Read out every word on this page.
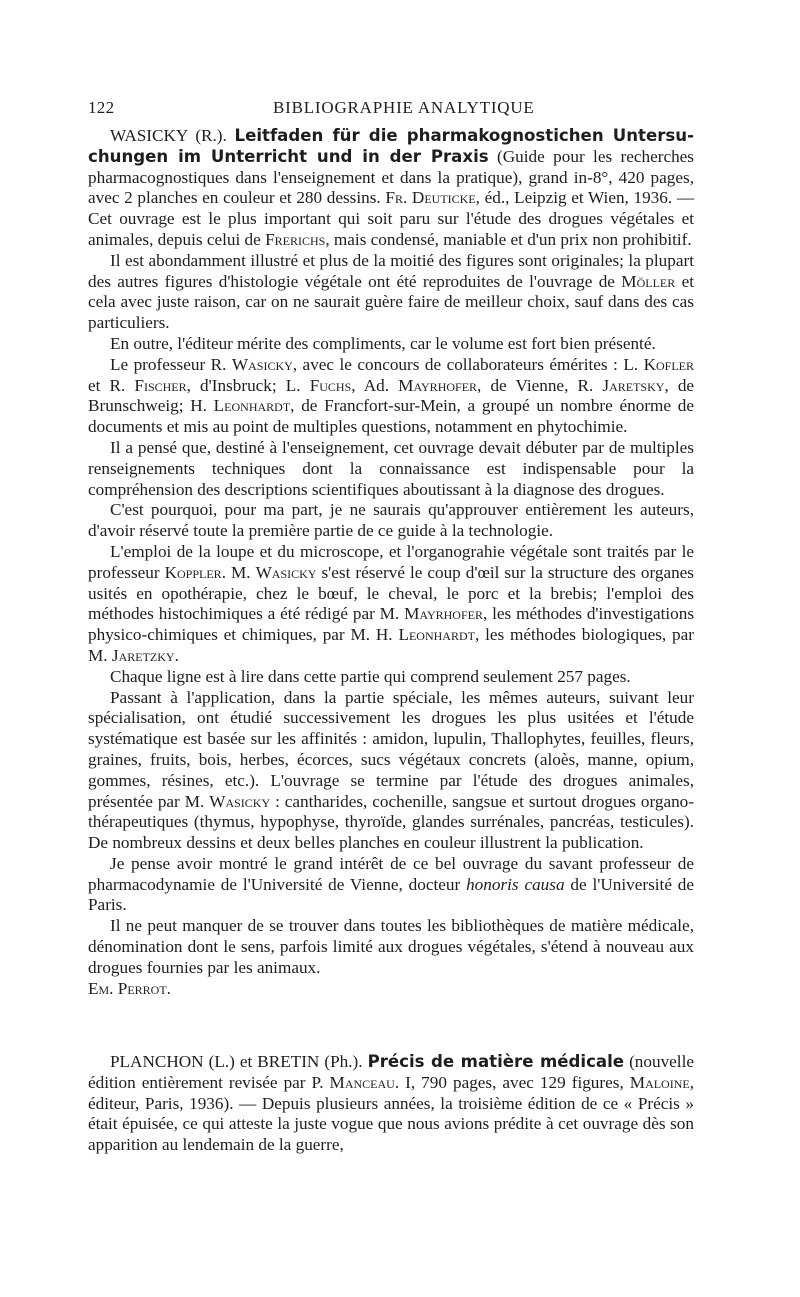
122	BIBLIOGRAPHIE ANALYTIQUE

WASICKY (R.). Leitfaden für die pharmakognostichen Untersu-chungen im Unterricht und in der Praxis (Guide pour les recherches pharmacognostiques dans l'enseignement et dans la pratique), grand in-8°, 420 pages, avec 2 planches en couleur et 280 dessins. Fr. Deuticke, éd., Leipzig et Wien, 1936. — Cet ouvrage est le plus important qui soit paru sur l'étude des drogues végétales et animales, depuis celui de Frerichs, mais condensé, maniable et d'un prix non prohibitif.

Il est abondamment illustré et plus de la moitié des figures sont originales; la plupart des autres figures d'histologie végétale ont été reproduites de l'ouvrage de Möller et cela avec juste raison, car on ne saurait guère faire de meilleur choix, sauf dans des cas particuliers.

En outre, l'éditeur mérite des compliments, car le volume est fort bien présenté.

Le professeur R. Wasicky, avec le concours de collaborateurs émérites : L. Kofler et R. Fischer, d'Insbruck; L. Fuchs, Ad. Mayrhofer, de Vienne, R. Jaretsky, de Brunschweig; H. Leonhardt, de Francfort-sur-Mein, a groupé un nombre énorme de documents et mis au point de multiples questions, notamment en phytochimie.

Il a pensé que, destiné à l'enseignement, cet ouvrage devait débuter par de multiples renseignements techniques dont la connaissance est indispensable pour la compréhension des descriptions scientifiques aboutissant à la diagnose des drogues.

C'est pourquoi, pour ma part, je ne saurais qu'approuver entièrement les auteurs, d'avoir réservé toute la première partie de ce guide à la technologie.

L'emploi de la loupe et du microscope, et l'organograhie végétale sont traités par le professeur Koppler. M. Wasicky s'est réservé le coup d'œil sur la structure des organes usités en opothérapie, chez le bœuf, le cheval, le porc et la brebis; l'emploi des méthodes histochimiques a été rédigé par M. Mayrhofer, les méthodes d'investigations physico-chimiques et chimiques, par M. H. Leonhardt, les méthodes biologiques, par M. Jaretzky.

Chaque ligne est à lire dans cette partie qui comprend seulement 257 pages.

Passant à l'application, dans la partie spéciale, les mêmes auteurs, suivant leur spécialisation, ont étudié successivement les drogues les plus usitées et l'étude systématique est basée sur les affinités : amidon, lupulin, Thallophytes, feuilles, fleurs, graines, fruits, bois, herbes, écorces, sucs végétaux concrets (aloès, manne, opium, gommes, résines, etc.). L'ouvrage se termine par l'étude des drogues animales, présentée par M. Wasicky : cantharides, cochenille, sangsue et surtout drogues organo-thérapeutiques (thymus, hypophyse, thyroïde, glandes surrénales, pancréas, testicules). De nombreux dessins et deux belles planches en couleur illustrent la publication.

Je pense avoir montré le grand intérêt de ce bel ouvrage du savant professeur de pharmacodynamie de l'Université de Vienne, docteur honoris causa de l'Université de Paris.

Il ne peut manquer de se trouver dans toutes les bibliothèques de matière médicale, dénomination dont le sens, parfois limité aux drogues végétales, s'étend à nouveau aux drogues fournies par les animaux.

Em. Perrot.

PLANCHON (L.) et BRETIN (Ph.). Précis de matière médicale (nouvelle édition entièrement revisée par P. Manceau. I, 790 pages, avec 129 figures, Maloine, éditeur, Paris, 1936). — Depuis plusieurs années, la troisième édition de ce « Précis » était épuisée, ce qui atteste la juste vogue que nous avions prédite à cet ouvrage dès son apparition au lendemain de la guerre,
